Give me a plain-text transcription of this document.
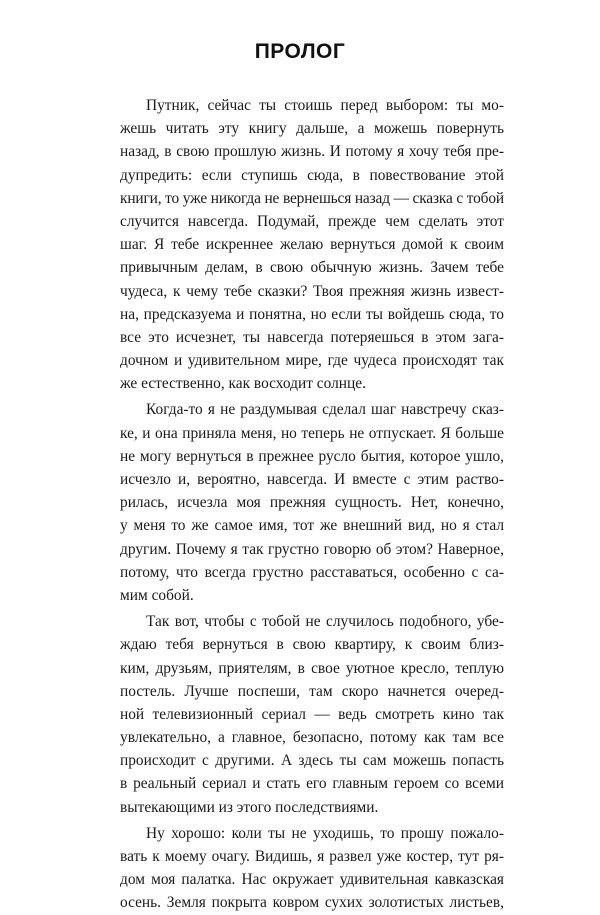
ПРОЛОГ
Путник, сейчас ты стоишь перед выбором: ты мо-
жешь читать эту книгу дальше, а можешь повернуть
назад, в свою прошлую жизнь. И потому я хочу тебя пре-
дупредить: если ступишь сюда, в повествование этой
книги, то уже никогда не вернешься назад — сказка с тобой
случится навсегда. Подумай, прежде чем сделать этот
шаг. Я тебе искреннее желаю вернуться домой к своим
привычным делам, в свою обычную жизнь. Зачем тебе
чудеса, к чему тебе сказки? Твоя прежняя жизнь извест-
на, предсказуема и понятна, но если ты войдешь сюда, то
все это исчезнет, ты навсегда потеряешься в этом зага-
дочном и удивительном мире, где чудеса происходят так
же естественно, как восходит солнце.
Когда-то я не раздумывая сделал шаг навстречу сказ-
ке, и она приняла меня, но теперь не отпускает. Я больше
не могу вернуться в прежнее русло бытия, которое ушло,
исчезло и, вероятно, навсегда. И вместе с этим раство-
рилась, исчезла моя прежняя сущность. Нет, конечно,
у меня то же самое имя, тот же внешний вид, но я стал
другим. Почему я так грустно говорю об этом? Наверное,
потому, что всегда грустно расставаться, особенно с са-
мим собой.
Так вот, чтобы с тобой не случилось подобного, убе-
ждаю тебя вернуться в свою квартиру, к своим близ-
ким, друзьям, приятелям, в свое уютное кресло, теплую
постель. Лучше поспеши, там скоро начнется очеред-
ной телевизионный сериал — ведь смотреть кино так
увлекательно, а главное, безопасно, потому как там все
происходит с другими. А здесь ты сам можешь попасть
в реальный сериал и стать его главным героем со всеми
вытекающими из этого последствиями.
Ну хорошо: коли ты не уходишь, то прошу пожало-
вать к моему очагу. Видишь, я развел уже костер, тут ря-
дом моя палатка. Нас окружает удивительная кавказская
осень. Земля покрыта ковром сухих золотистых листьев,
